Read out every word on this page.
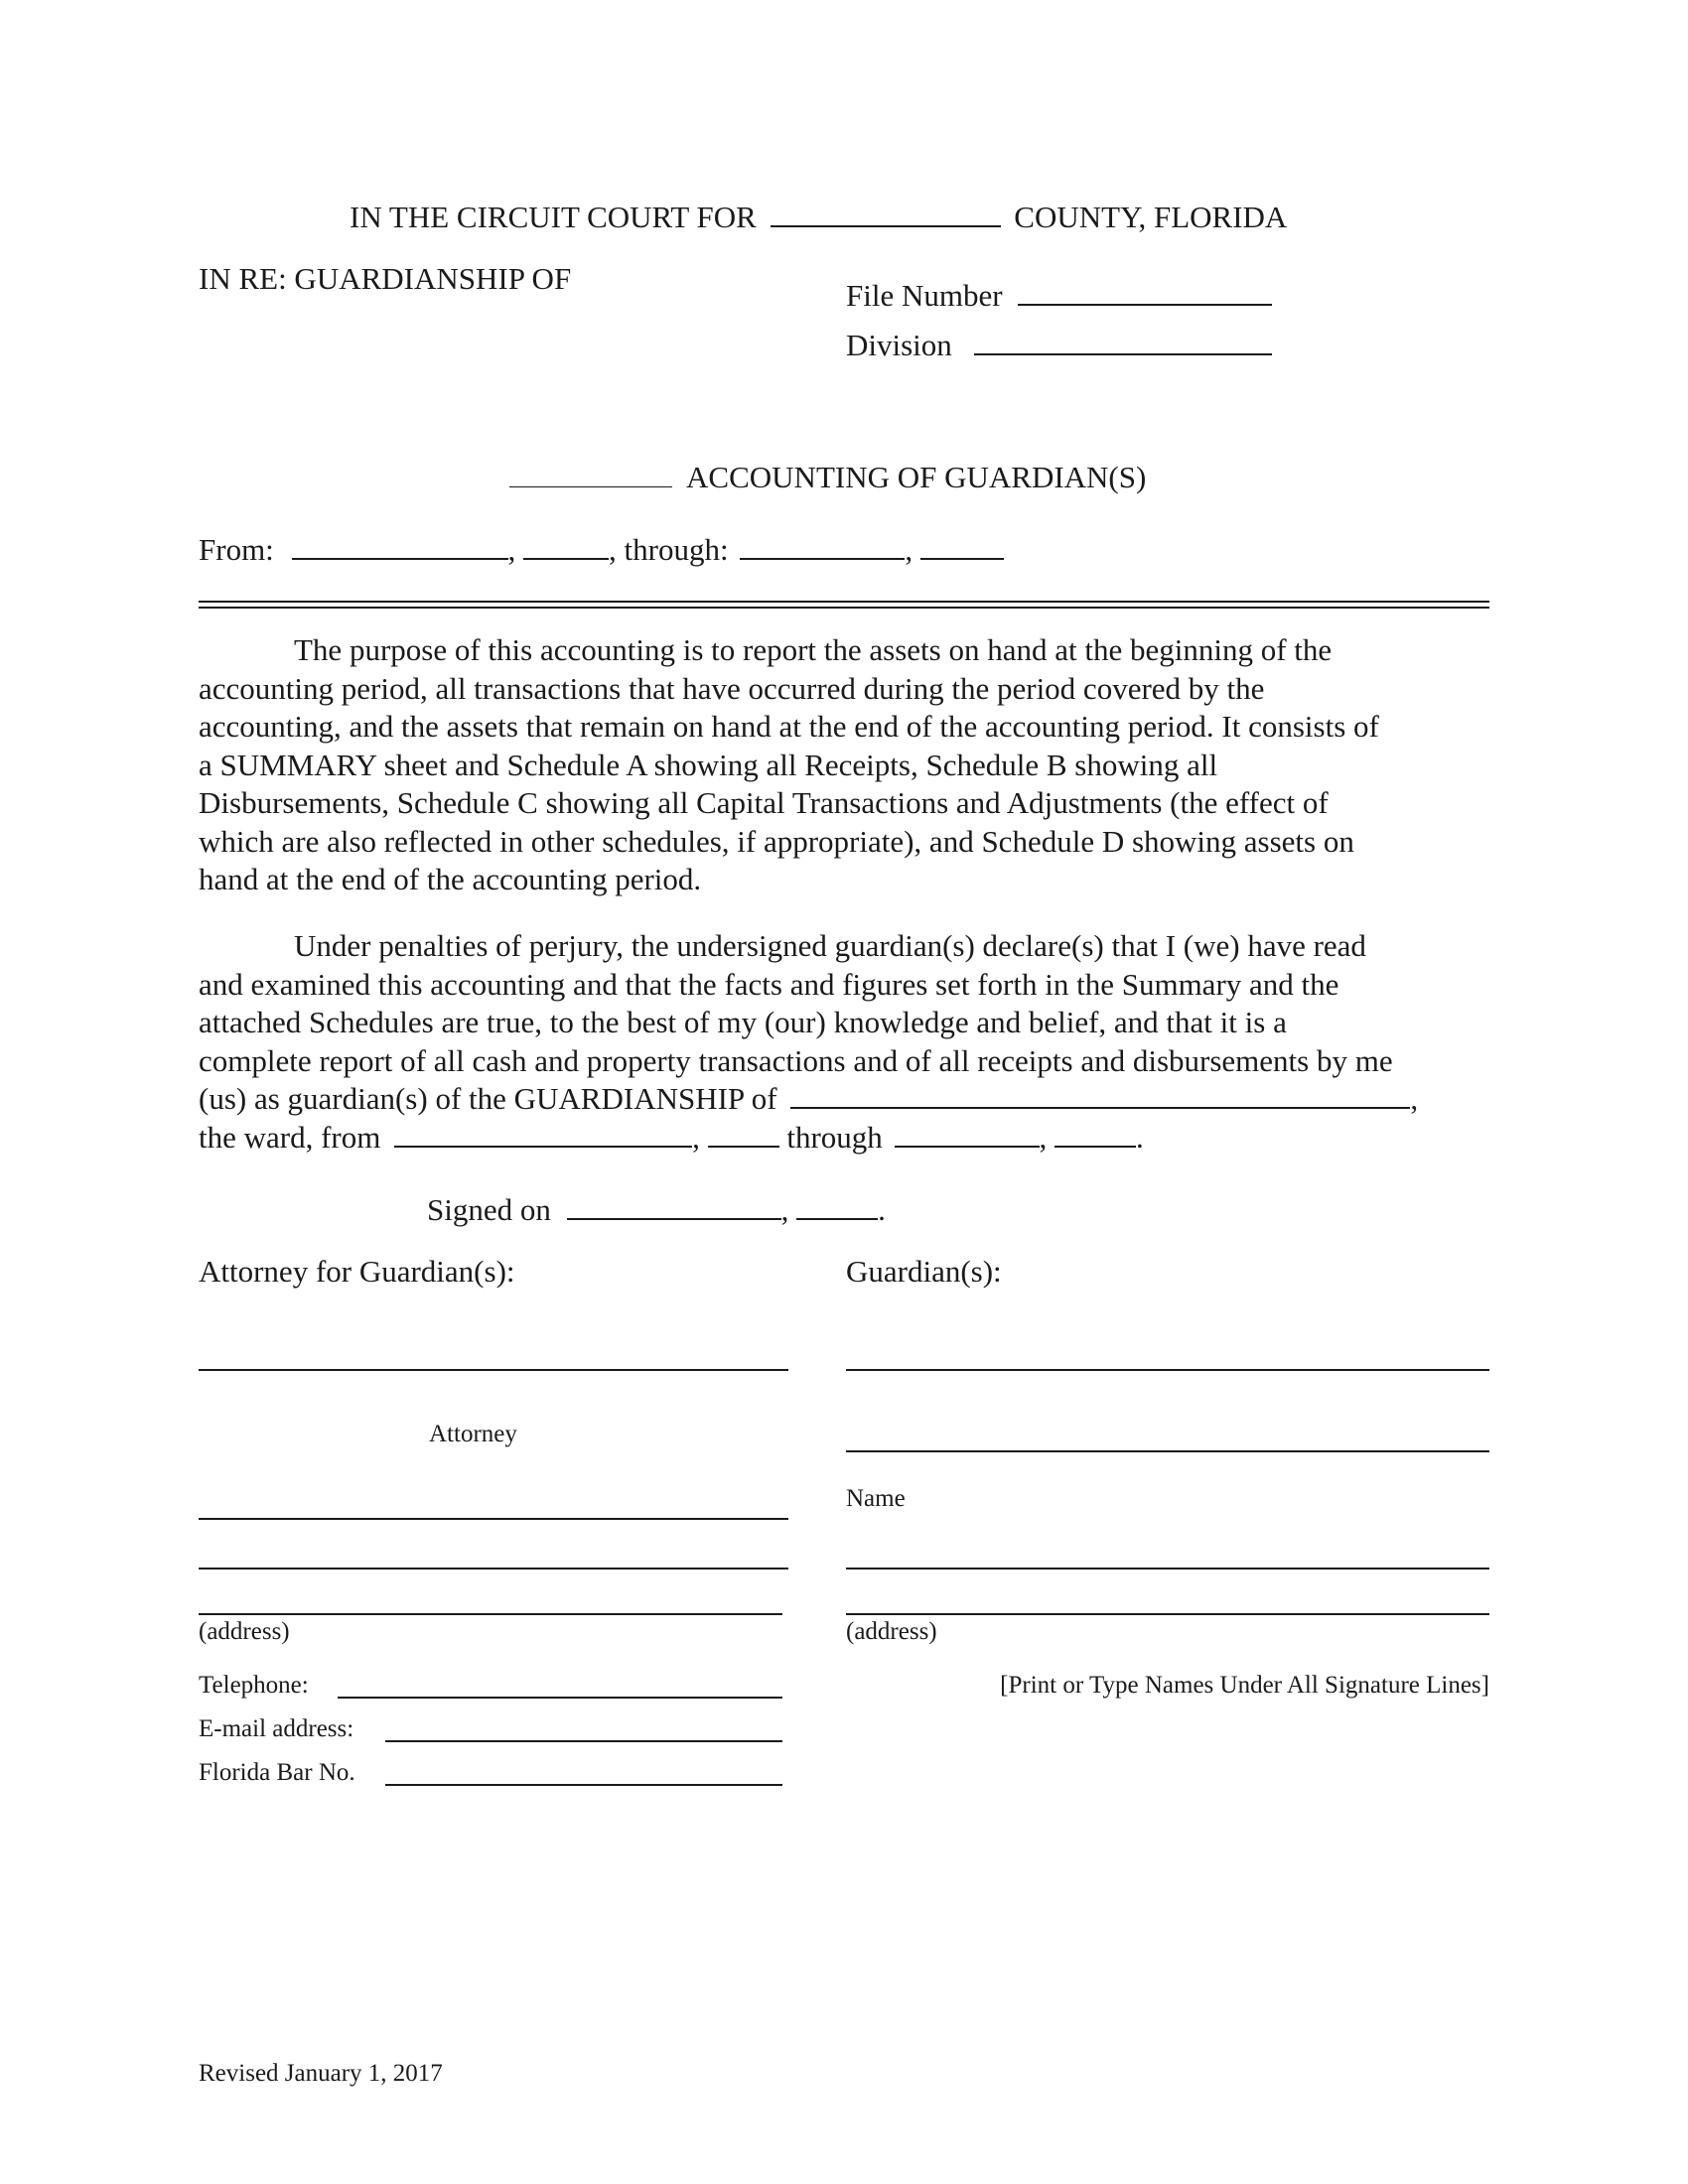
IN THE CIRCUIT COURT FOR	COUNTY, FLORIDA
IN RE: GUARDIANSHIP OF	File Number
Division
ACCOUNTING OF GUARDIAN(S)
From:	,	, through:	,
The purpose of this accounting is to report the assets on hand at the beginning of the
accounting period, all transactions that have occurred during the period covered by the
accounting, and the assets that remain on hand at the end of the accounting period. It consists of
a SUMMARY sheet and Schedule A showing all Receipts, Schedule B showing all
Disbursements, Schedule C showing all Capital Transactions and Adjustments (the effect of
which are also reflected in other schedules, if appropriate), and Schedule D showing assets on
hand at the end of the accounting period.
Under penalties of perjury, the undersigned guardian(s) declare(s) that I (we) have read
and examined this accounting and that the facts and figures set forth in the Summary and the
attached Schedules are true, to the best of my (our) knowledge and belief, and that it is a
complete report of all cash and property transactions and of all receipts and disbursements by me
(us) as guardian(s) of the GUARDIANSHIP of	,
the ward, from	,	through	,	.
Signed on	,	.
Attorney for Guardian(s):
Attorney
(address)
Telephone:
E-mail address:
Florida Bar No.
Guardian(s):
Name
(address)
[Print or Type Names Under All Signature Lines]
Revised January 1, 2017
